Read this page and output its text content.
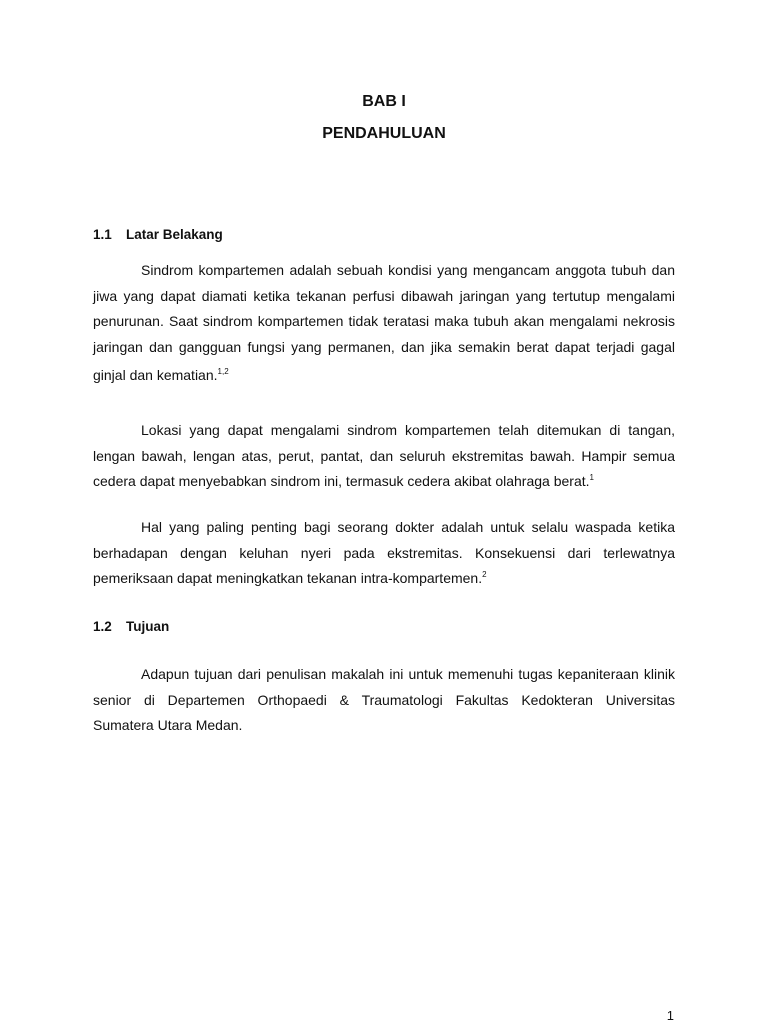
BAB I
PENDAHULUAN
1.1 Latar Belakang
Sindrom kompartemen adalah sebuah kondisi yang mengancam anggota tubuh dan
jiwa yang dapat diamati ketika tekanan perfusi dibawah jaringan yang tertutup mengalami
penurunan. Saat sindrom kompartemen tidak teratasi maka tubuh akan mengalami nekrosis
jaringan dan gangguan fungsi yang permanen, dan jika semakin berat dapat terjadi gagal
ginjal dan kematian.$^{1,2}$
Lokasi yang dapat mengalami sindrom kompartemen telah ditemukan di tangan,
lengan bawah, lengan atas, perut, pantat, dan seluruh ekstremitas bawah. Hampir semua
cedera dapat menyebabkan sindrom ini, termasuk cedera akibat olahraga berat.$^1$
Hal yang paling penting bagi seorang dokter adalah untuk selalu waspada ketika
berhadapan dengan keluhan nyeri pada ekstremitas. Konsekuensi dari terlewatnya
pemeriksaan dapat meningkatkan tekanan intra-kompartemen.$^2$
1.2 Tujuan
Adapun tujuan dari penulisan makalah ini untuk memenuhi tugas kepaniteraan klinik
senior di Departemen Orthopaedi & Traumatologi Fakultas Kedokteran Universitas
Sumatera Utara Medan.
1
